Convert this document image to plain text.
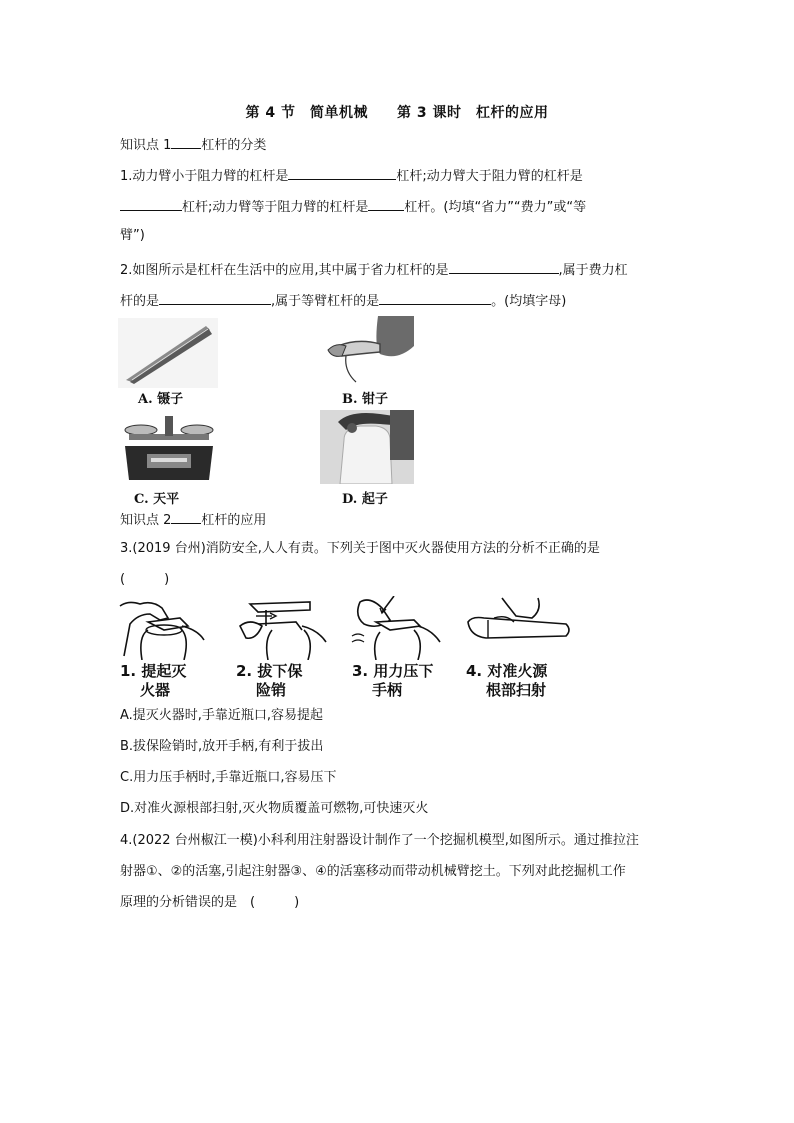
第 4 节　简单机械　　第 3 课时　杠杆的应用
知识点 1 杠杆的分类
1.动力臂小于阻力臂的杠杆是	杠杆;动力臂大于阻力臂的杠杆是
杠杆;动力臂等于阻力臂的杠杆是	杠杆。(均填“省力”“费力”或“等
臂”)
2.如图所示是杠杆在生活中的应用,其中属于省力杠杆的是	,属于费力杠
杆的是	,属于等臂杠杆的是	。(均填字母)
A. 镊子	B. 钳子
C. 天平	D. 起子
知识点 2 杠杆的应用
3.(2019 台州)消防安全,人人有责。下列关于图中灭火器使用方法的分析不正确的是
(　　　)
1. 提起灭
火器
2. 拔下保
险销
3. 用力压下
手柄
4. 对准火源
根部扫射
A.提灭火器时,手靠近瓶口,容易提起
B.拔保险销时,放开手柄,有利于拔出
C.用力压手柄时,手靠近瓶口,容易压下
D.对准火源根部扫射,灭火物质覆盖可燃物,可快速灭火
4.(2022 台州椒江一模)小科利用注射器设计制作了一个挖掘机模型,如图所示。通过推拉注
射器①、②的活塞,引起注射器③、④的活塞移动而带动机械臂挖土。下列对此挖掘机工作
原理的分析错误的是　(　　　)
